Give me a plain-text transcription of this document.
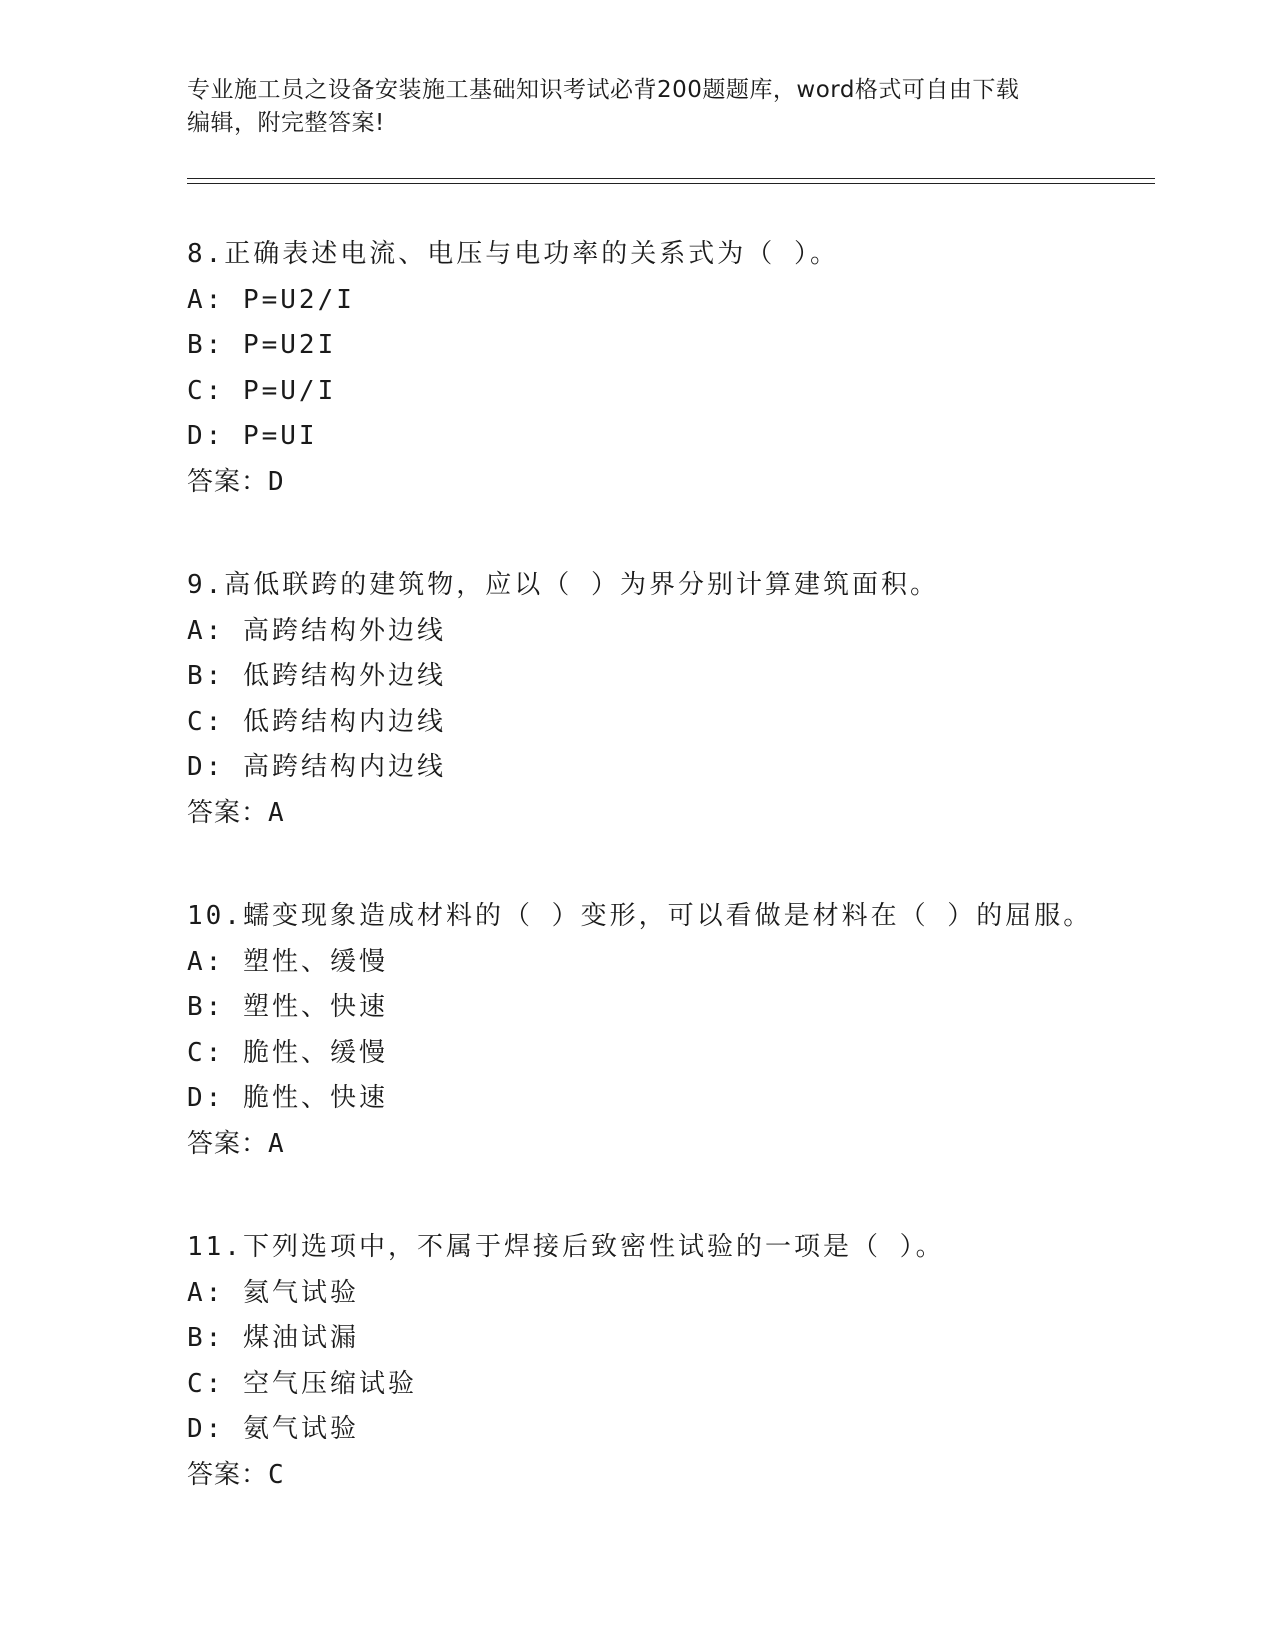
专业施工员之设备安装施工基础知识考试必背200题题库，word格式可自由下载
编辑，附完整答案!
8.正确表述电流、电压与电功率的关系式为（ ）。
A: P=U2/I
B: P=U2I
C: P=U/I
D: P=UI
答案：D
9.高低联跨的建筑物，应以（ ）为界分别计算建筑面积。
A: 高跨结构外边线
B: 低跨结构外边线
C: 低跨结构内边线
D: 高跨结构内边线
答案：A
10.蠕变现象造成材料的（ ）变形，可以看做是材料在（ ）的屈服。
A: 塑性、缓慢
B: 塑性、快速
C: 脆性、缓慢
D: 脆性、快速
答案：A
11.下列选项中，不属于焊接后致密性试验的一项是（ ）。
A: 氦气试验
B: 煤油试漏
C: 空气压缩试验
D: 氨气试验
答案：C
